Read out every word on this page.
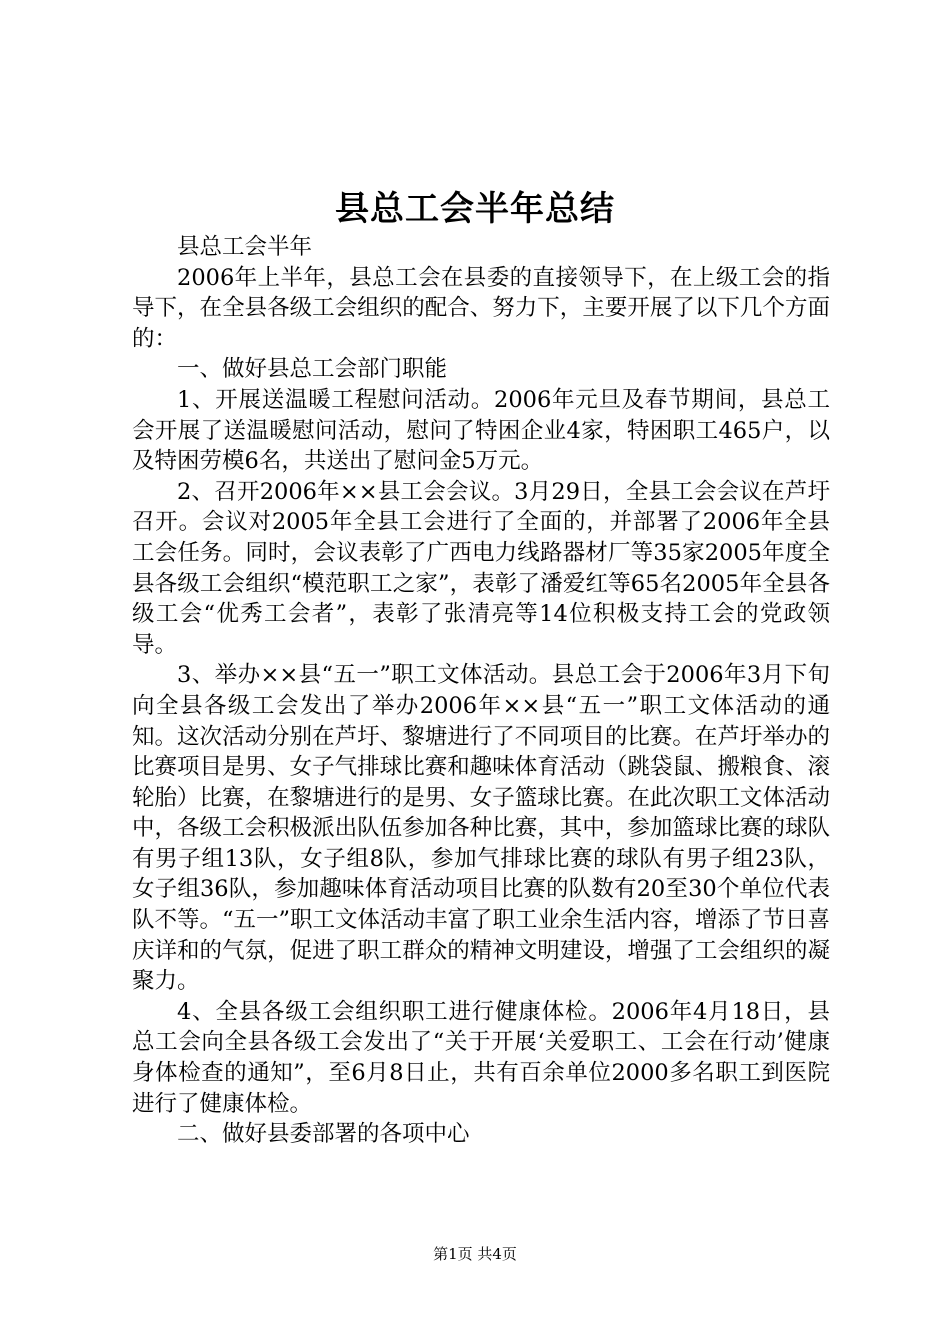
县总工会半年总结

县总工会半年

2006年上半年，县总工会在县委的直接领导下，在上级工会的指导下，在全县各级工会组织的配合、努力下，主要开展了以下几个方面的：

一、做好县总工会部门职能

1、开展送温暖工程慰问活动。2006年元旦及春节期间，县总工会开展了送温暖慰问活动，慰问了特困企业4家，特困职工465户，以及特困劳模6名，共送出了慰问金5万元。

2、召开2006年××县工会会议。3月29日，全县工会会议在芦圩召开。会议对2005年全县工会进行了全面的，并部署了2006年全县工会任务。同时，会议表彰了广西电力线路器材厂等35家2005年度全县各级工会组织“模范职工之家”，表彰了潘爱红等65名2005年全县各级工会“优秀工会者”，表彰了张清亮等14位积极支持工会的党政领导。

3、举办××县“五一”职工文体活动。县总工会于2006年3月下旬向全县各级工会发出了举办2006年××县“五一”职工文体活动的通知。这次活动分别在芦圩、黎塘进行了不同项目的比赛。在芦圩举办的比赛项目是男、女子气排球比赛和趣味体育活动（跳袋鼠、搬粮食、滚轮胎）比赛，在黎塘进行的是男、女子篮球比赛。在此次职工文体活动中，各级工会积极派出队伍参加各种比赛，其中，参加篮球比赛的球队有男子组13队，女子组8队，参加气排球比赛的球队有男子组23队，女子组36队，参加趣味体育活动项目比赛的队数有20至30个单位代表队不等。“五一”职工文体活动丰富了职工业余生活内容，增添了节日喜庆详和的气氛，促进了职工群众的精神文明建设，增强了工会组织的凝聚力。

4、全县各级工会组织职工进行健康体检。2006年4月18日，县总工会向全县各级工会发出了“关于开展‘关爱职工、工会在行动’健康身体检查的通知”，至6月8日止，共有百余单位2000多名职工到医院进行了健康体检。

二、做好县委部署的各项中心

第1页 共4页
